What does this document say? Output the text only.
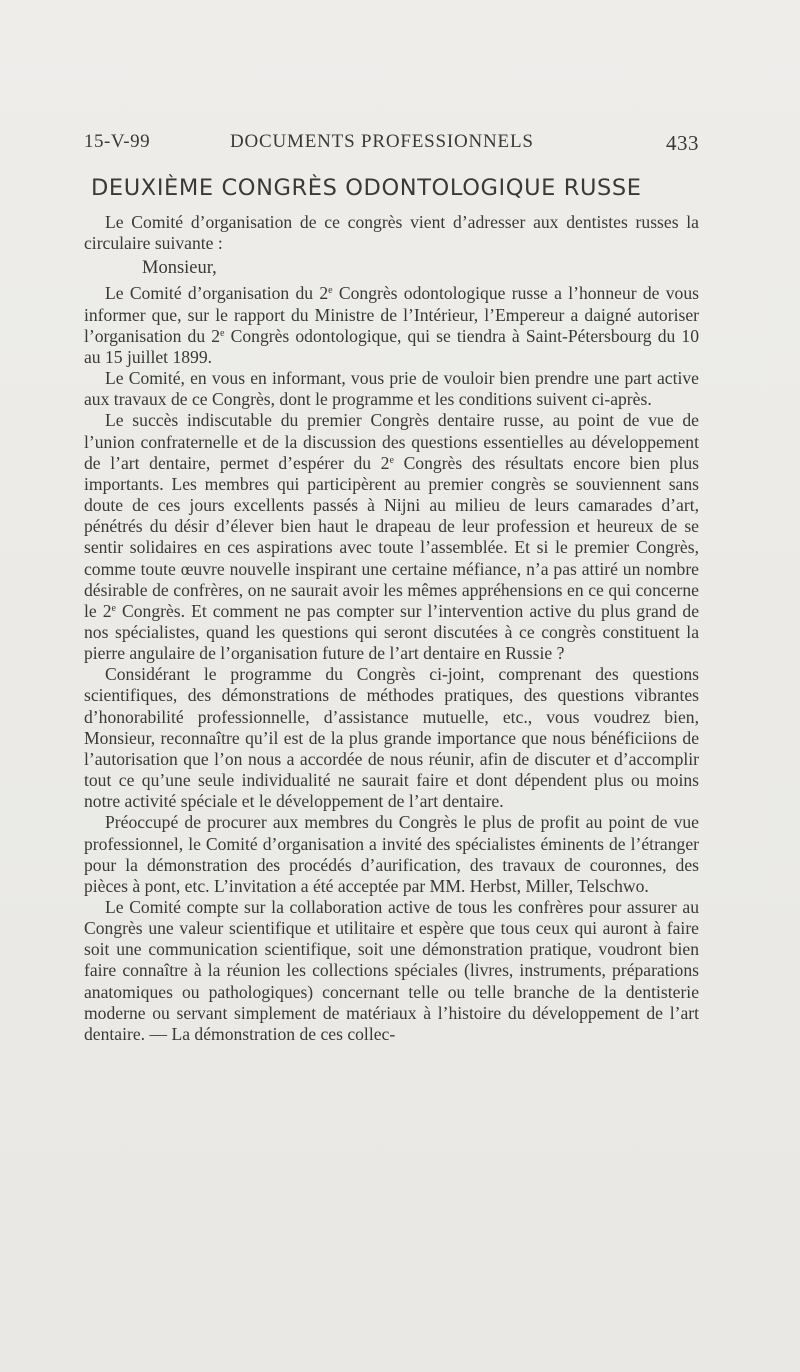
15-V-99	DOCUMENTS PROFESSIONNELS	433
DEUXIÈME CONGRÈS ODONTOLOGIQUE RUSSE

Le Comité d’organisation de ce congrès vient d’adresser aux dentistes russes la circulaire suivante :

Monsieur,

Le Comité d’organisation du 2e Congrès odontologique russe a l’honneur de vous informer que, sur le rapport du Ministre de l’Intérieur, l’Empereur a daigné autoriser l’organisation du 2e Congrès odontologique, qui se tiendra à Saint-Pétersbourg du 10 au 15 juillet 1899.

Le Comité, en vous en informant, vous prie de vouloir bien prendre une part active aux travaux de ce Congrès, dont le programme et les conditions suivent ci-après.

Le succès indiscutable du premier Congrès dentaire russe, au point de vue de l’union confraternelle et de la discussion des questions essentielles au développement de l’art dentaire, permet d’espérer du 2e Congrès des résultats encore bien plus importants. Les membres qui participèrent au premier congrès se souviennent sans doute de ces jours excellents passés à Nijni au milieu de leurs camarades d’art, pénétrés du désir d’élever bien haut le drapeau de leur profession et heureux de se sentir solidaires en ces aspirations avec toute l’assemblée. Et si le premier Congrès, comme toute œuvre nouvelle inspirant une certaine méfiance, n’a pas attiré un nombre désirable de confrères, on ne saurait avoir les mêmes appréhensions en ce qui concerne le 2e Congrès. Et comment ne pas compter sur l’intervention active du plus grand de nos spécialistes, quand les questions qui seront discutées à ce congrès constituent la pierre angulaire de l’organisation future de l’art dentaire en Russie ?

Considérant le programme du Congrès ci-joint, comprenant des questions scientifiques, des démonstrations de méthodes pratiques, des questions vibrantes d’honorabilité professionnelle, d’assistance mutuelle, etc., vous voudrez bien, Monsieur, reconnaître qu’il est de la plus grande importance que nous bénéficiions de l’autorisation que l’on nous a accordée de nous réunir, afin de discuter et d’accomplir tout ce qu’une seule individualité ne saurait faire et dont dépendent plus ou moins notre activité spéciale et le développement de l’art dentaire.

Préoccupé de procurer aux membres du Congrès le plus de profit au point de vue professionnel, le Comité d’organisation a invité des spécialistes éminents de l’étranger pour la démonstration des procédés d’aurification, des travaux de couronnes, des pièces à pont, etc. L’invitation a été acceptée par MM. Herbst, Miller, Telschwo.

Le Comité compte sur la collaboration active de tous les confrères pour assurer au Congrès une valeur scientifique et utilitaire et espère que tous ceux qui auront à faire soit une communication scientifique, soit une démonstration pratique, voudront bien faire connaître à la réunion les collections spéciales (livres, instruments, préparations anatomiques ou pathologiques) concernant telle ou telle branche de la dentisterie moderne ou servant simplement de matériaux à l’histoire du développement de l’art dentaire. — La démonstration de ces collec-
